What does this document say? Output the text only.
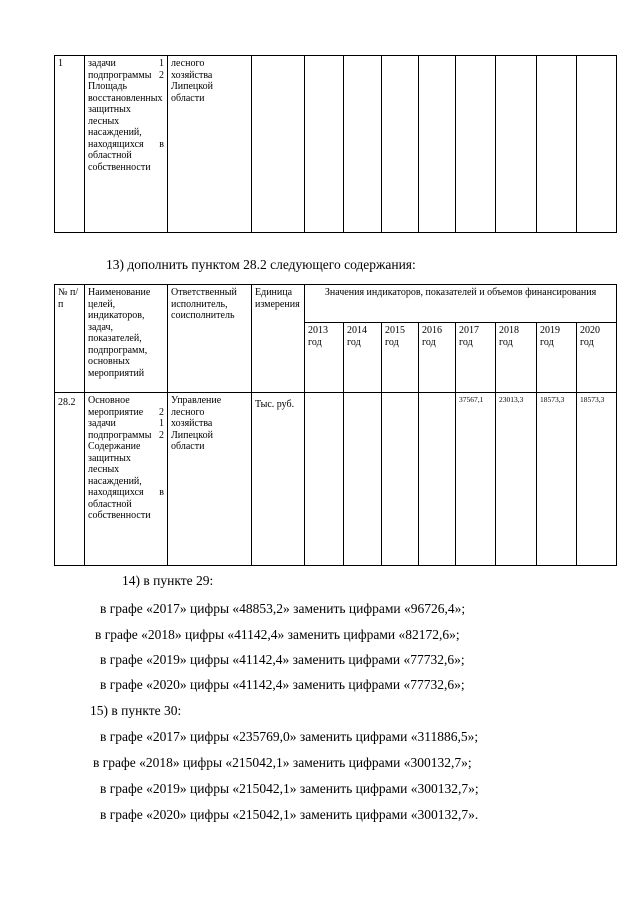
1	задачи 1 подпрограммы 2 Площадь восстановленных защитных лесных насаждений, находящихся в областной собственности	лесного хозяйства Липецкой области									
13) дополнить пунктом 28.2 следующего содержания:
№ п/п	Наименование целей, индикаторов, задач, показателей, подпрограмм, основных мероприятий	Ответственный исполнитель, соисполнитель	Единица измерения	Значения индикаторов, показателей и объемов финансирования							
				2013 год	2014 год	2015 год	2016 год	2017 год	2018 год	2019 год	2020 год
28.2	Основное мероприятие 2 задачи 1 подпрограммы 2 Содержание защитных лесных насаждений, находящихся в областной собственности	Управление лесного хозяйства Липецкой области	Тыс. руб.					37567,1	23013,3	18573,3	18573,3
14) в пункте 29:
в графе «2017» цифры «48853,2» заменить цифрами «96726,4»;
в графе «2018» цифры «41142,4» заменить цифрами «82172,6»;
в графе «2019» цифры «41142,4» заменить цифрами «77732,6»;
в графе «2020» цифры «41142,4» заменить цифрами «77732,6»;
15) в пункте 30:
в графе «2017» цифры «235769,0» заменить цифрами «311886,5»;
в графе «2018» цифры «215042,1» заменить цифрами «300132,7»;
в графе «2019» цифры «215042,1» заменить цифрами «300132,7»;
в графе «2020» цифры «215042,1» заменить цифрами «300132,7».
